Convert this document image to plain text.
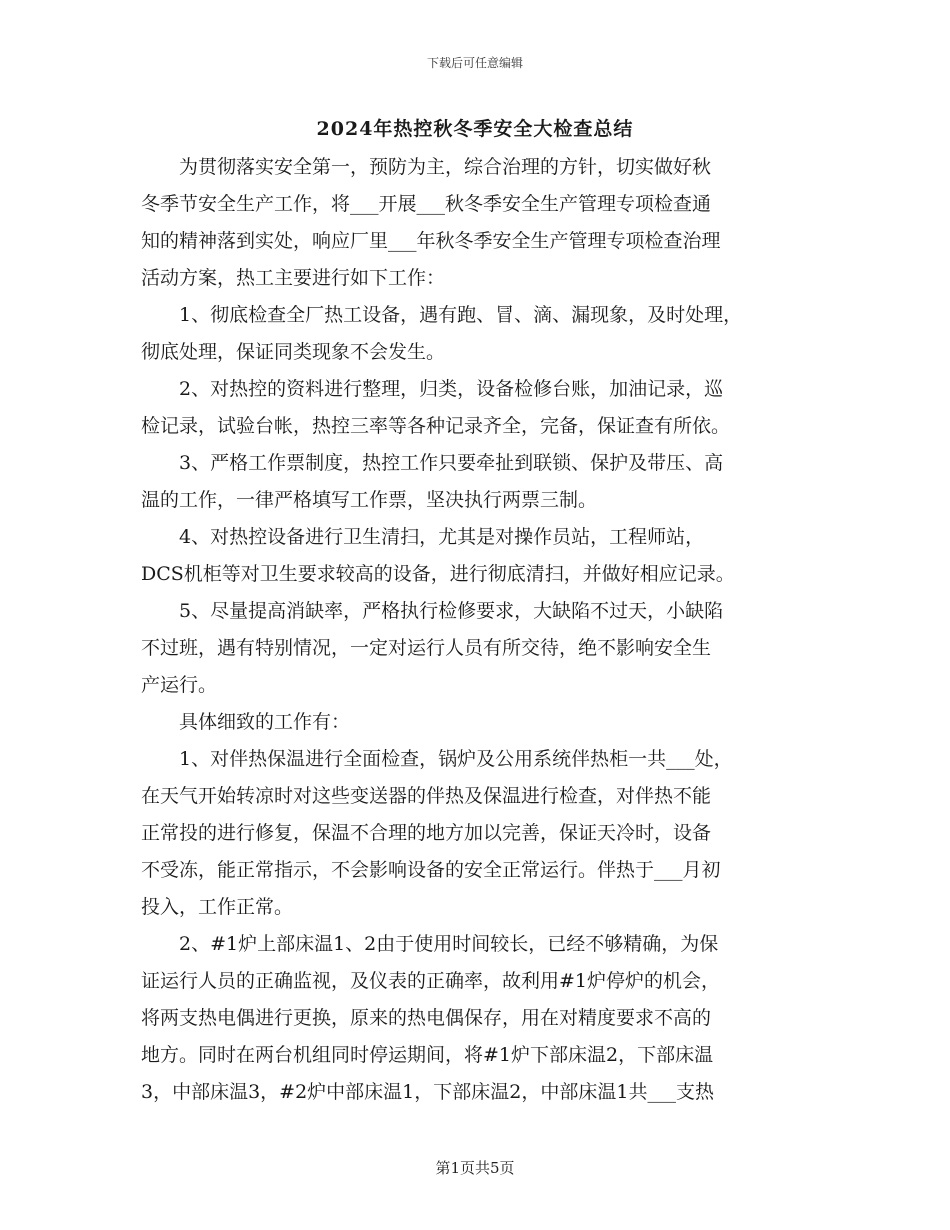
下载后可任意编辑
2024年热控秋冬季安全大检查总结

为贯彻落实安全第一，预防为主，综合治理的方针，切实做好秋
冬季节安全生产工作，将___开展___秋冬季安全生产管理专项检查通
知的精神落到实处，响应厂里___年秋冬季安全生产管理专项检查治理
活动方案，热工主要进行如下工作：

1、彻底检查全厂热工设备，遇有跑、冒、滴、漏现象，及时处理，
彻底处理，保证同类现象不会发生。

2、对热控的资料进行整理，归类，设备检修台账，加油记录，巡
检记录，试验台帐，热控三率等各种记录齐全，完备，保证查有所依。

3、严格工作票制度，热控工作只要牵扯到联锁、保护及带压、高
温的工作，一律严格填写工作票，坚决执行两票三制。

4、对热控设备进行卫生清扫，尤其是对操作员站，工程师站，
DCS机柜等对卫生要求较高的设备，进行彻底清扫，并做好相应记录。

5、尽量提高消缺率，严格执行检修要求，大缺陷不过天，小缺陷
不过班，遇有特别情况，一定对运行人员有所交待，绝不影响安全生
产运行。

具体细致的工作有：

1、对伴热保温进行全面检查，锅炉及公用系统伴热柜一共___处，
在天气开始转凉时对这些变送器的伴热及保温进行检查，对伴热不能
正常投的进行修复，保温不合理的地方加以完善，保证天冷时，设备
不受冻，能正常指示，不会影响设备的安全正常运行。伴热于___月初
投入，工作正常。

2、#1炉上部床温1、2由于使用时间较长，已经不够精确，为保
证运行人员的正确监视，及仪表的正确率，故利用#1炉停炉的机会，
将两支热电偶进行更换，原来的热电偶保存，用在对精度要求不高的
地方。同时在两台机组同时停运期间，将#1炉下部床温2，下部床温
3，中部床温3，#2炉中部床温1，下部床温2，中部床温1共___支热

第1页共5页
